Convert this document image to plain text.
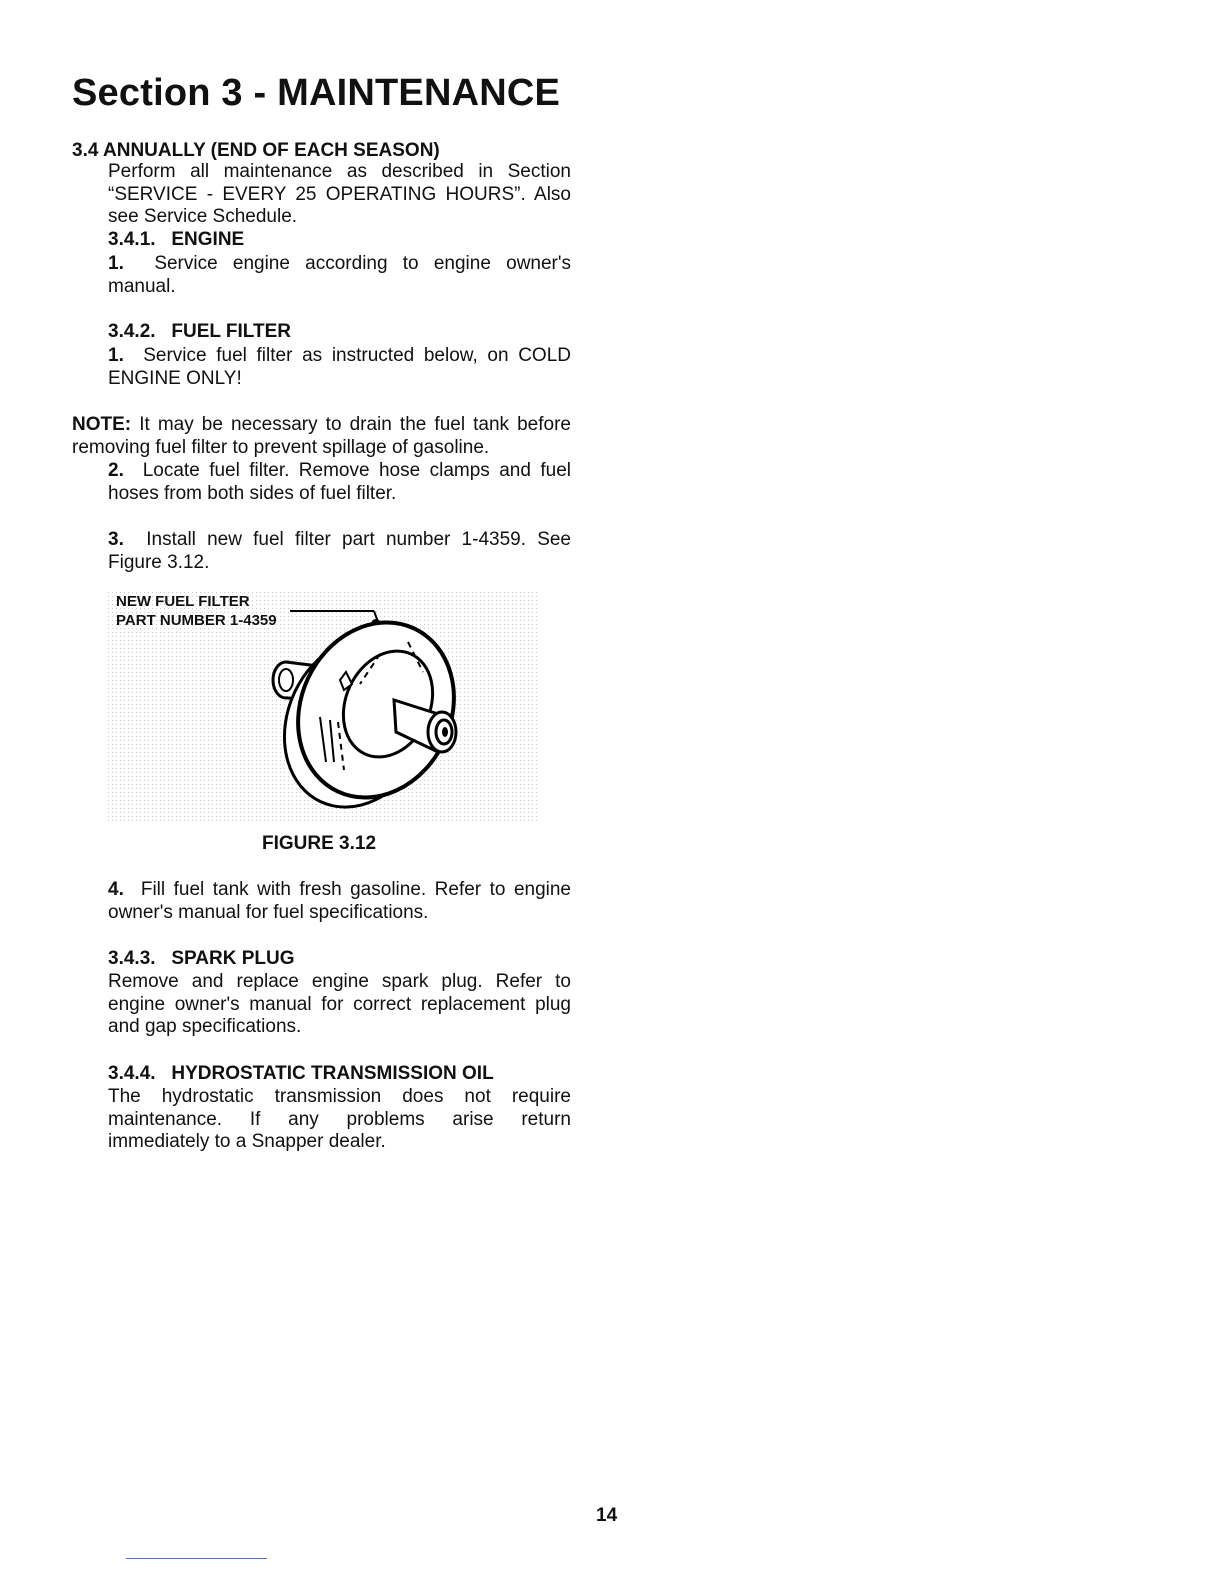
Section 3 - MAINTENANCE
3.4 ANNUALLY (END OF EACH SEASON)

Perform all maintenance as described in Section

“SERVICE - EVERY 25 OPERATING HOURS”. Also

see Service Schedule.

3.4.1.   ENGINE

1. Service engine according to engine owner's

manual.

3.4.2.   FUEL FILTER

1. Service fuel filter as instructed below, on COLD

ENGINE ONLY!

NOTE: It may be necessary to drain the fuel tank before

removing fuel filter to prevent spillage of gasoline.

2. Locate fuel filter. Remove hose clamps and fuel

hoses from both sides of fuel filter.

3. Install new fuel filter part number 1-4359. See

Figure 3.12.

NEW FUEL FILTER
PART NUMBER 1-4359
FIGURE 3.12

4. Fill fuel tank with fresh gasoline. Refer to engine

owner's manual for fuel specifications.

3.4.3.   SPARK PLUG

Remove and replace engine spark plug. Refer to

engine owner's manual for correct replacement plug

and gap specifications.

3.4.4.   HYDROSTATIC TRANSMISSION OIL

The hydrostatic transmission does not require

maintenance. If any problems arise return

immediately to a Snapper dealer.

14
